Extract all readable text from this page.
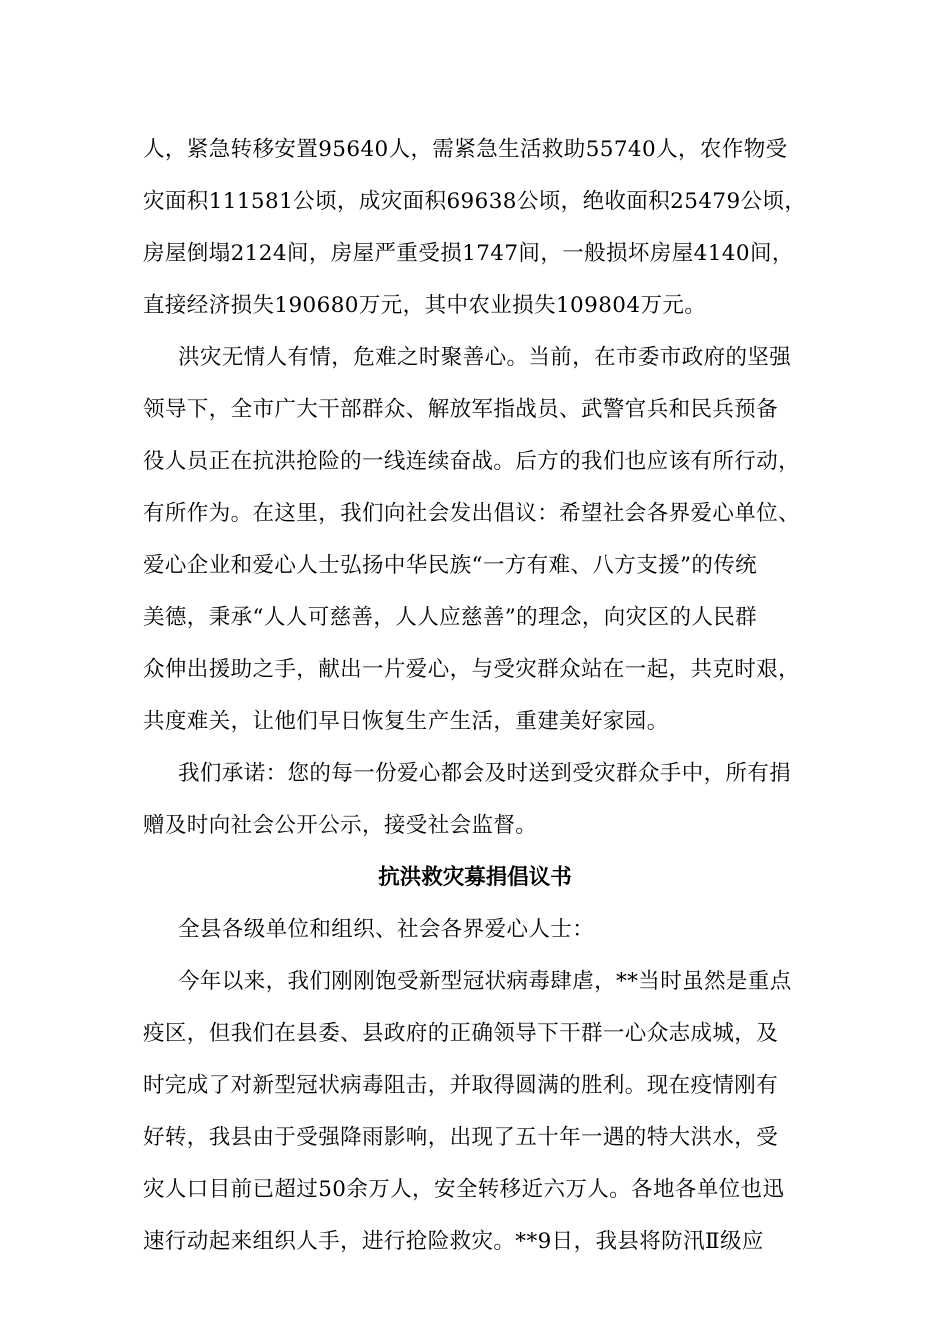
人，紧急转移安置95640人，需紧急生活救助55740人，农作物受
灾面积111581公顷，成灾面积69638公顷，绝收面积25479公顷，
房屋倒塌2124间，房屋严重受损1747间，一般损坏房屋4140间，
直接经济损失190680万元，其中农业损失109804万元。
洪灾无情人有情，危难之时聚善心。当前，在市委市政府的坚强
领导下，全市广大干部群众、解放军指战员、武警官兵和民兵预备
役人员正在抗洪抢险的一线连续奋战。后方的我们也应该有所行动，
有所作为。在这里，我们向社会发出倡议：希望社会各界爱心单位、
爱心企业和爱心人士弘扬中华民族“一方有难、八方支援”的传统
美德，秉承“人人可慈善，人人应慈善”的理念，向灾区的人民群
众伸出援助之手，献出一片爱心，与受灾群众站在一起，共克时艰，
共度难关，让他们早日恢复生产生活，重建美好家园。
我们承诺：您的每一份爱心都会及时送到受灾群众手中，所有捐
赠及时向社会公开公示，接受社会监督。
抗洪救灾募捐倡议书
全县各级单位和组织、社会各界爱心人士：
今年以来，我们刚刚饱受新型冠状病毒肆虐，**当时虽然是重点
疫区，但我们在县委、县政府的正确领导下干群一心众志成城，及
时完成了对新型冠状病毒阻击，并取得圆满的胜利。现在疫情刚有
好转，我县由于受强降雨影响，出现了五十年一遇的特大洪水，受
灾人口目前已超过50余万人，安全转移近六万人。各地各单位也迅
速行动起来组织人手，进行抢险救灾。**9日，我县将防汛Ⅱ级应
